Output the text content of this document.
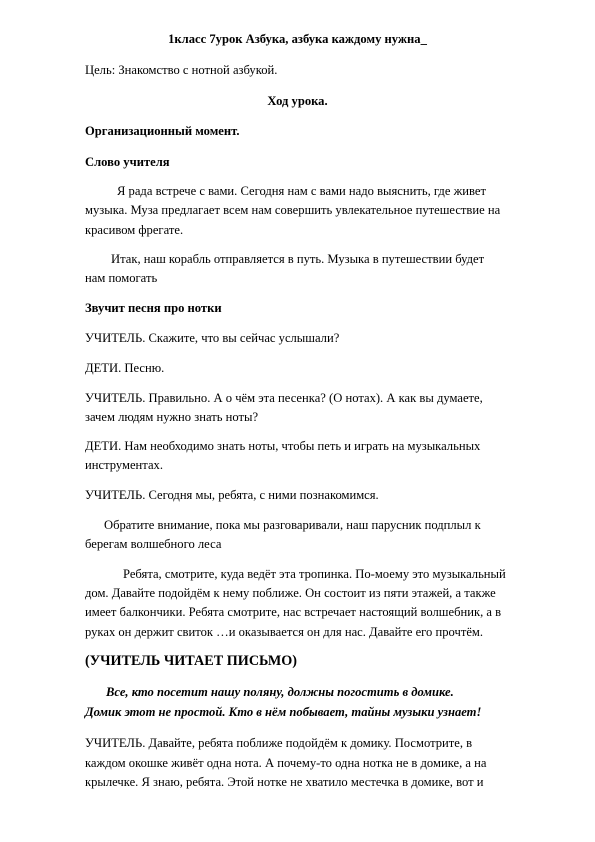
1класс 7урок Азбука, азбука каждому нужна_
Цель: Знакомство с нотной азбукой.
Ход урока.
Организационный момент.
Слово учителя
Я рада встрече с вами. Сегодня нам с вами надо выяснить, где живет
музыка. Муза предлагает всем нам совершить увлекательное путешествие на
красивом фрегате.
Итак, наш корабль отправляется в путь. Музыка в путешествии будет
нам помогать
Звучит песня про нотки
УЧИТЕЛЬ. Скажите, что вы сейчас услышали?
ДЕТИ. Песню.
УЧИТЕЛЬ. Правильно. А о чём эта песенка? (О нотах). А как вы думаете,
зачем людям нужно знать ноты?
ДЕТИ. Нам необходимо знать ноты, чтобы петь и играть на музыкальных
инструментах.
УЧИТЕЛЬ. Сегодня мы, ребята, с ними познакомимся.
Обратите внимание, пока мы разговаривали, наш парусник подплыл к
берегам волшебного леса
Ребята, смотрите, куда ведёт эта тропинка. По-моему это музыкальный
дом. Давайте подойдём к нему поближе. Он состоит из пяти этажей, а также
имеет балкончики. Ребята смотрите, нас встречает настоящий волшебник, а в
руках он держит свиток …и оказывается он для нас. Давайте его прочтём.
(УЧИТЕЛЬ ЧИТАЕТ ПИСЬМО)
Все, кто посетит нашу поляну, должны погостить в домике.
Домик этот не простой. Кто в нём побывает, тайны музыки узнает!
УЧИТЕЛЬ. Давайте, ребята поближе подойдём к домику. Посмотрите, в
каждом окошке живёт одна нота. А почему-то одна нотка не в домике, а на
крылечке. Я знаю, ребята. Этой нотке не хватило местечка в домике, вот и
